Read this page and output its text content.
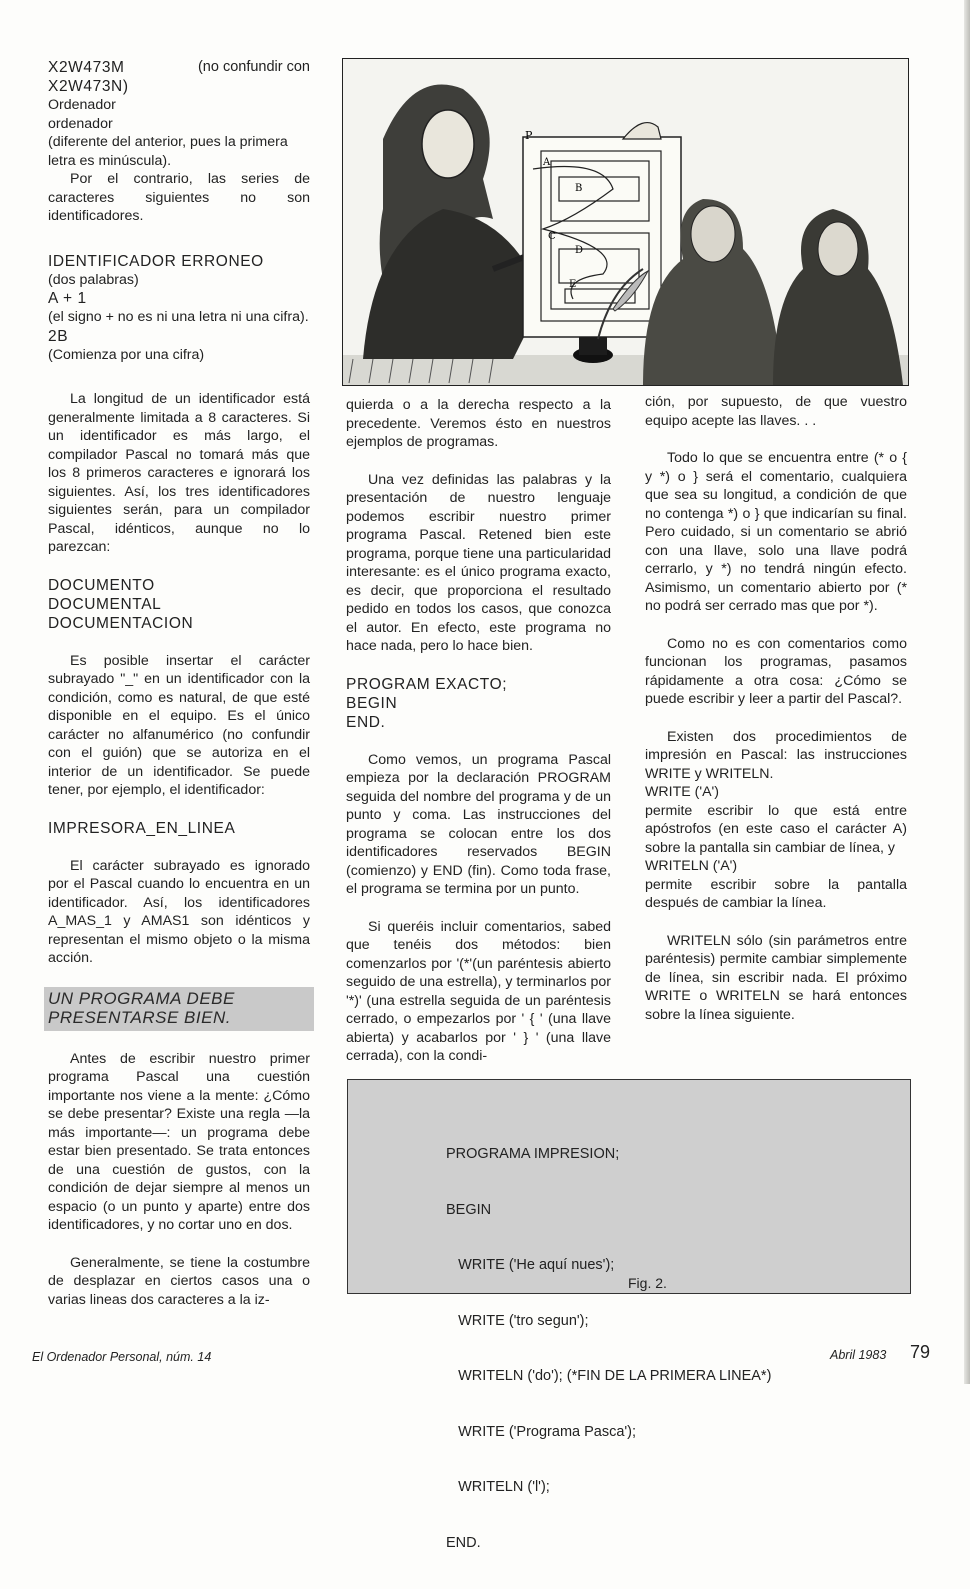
X2W473M	(no confundir con

X2W473N)

Ordenador

ordenador

(diferente del anterior, pues la primera letra es minúscula).

Por el contrario, las series de caracteres siguientes no son identificadores.

IDENTIFICADOR ERRONEO

(dos palabras)

A + 1

(el signo + no es ni una letra ni una cifra).

2B

(Comienza por una cifra)

La longitud de un identificador está generalmente limitada a 8 caracteres. Si un identificador es más largo, el compilador Pascal no tomará más que los 8 primeros caracteres e ignorará los siguientes. Así, los tres identificadores siguientes serán, para un compilador Pascal, idénticos, aunque no lo parezcan:

DOCUMENTO

DOCUMENTAL

DOCUMENTACION

Es posible insertar el carácter subrayado "_" en un identificador con la condición, como es natural, de que esté disponible en el equipo. Es el único carácter no alfanumérico (no confundir con el guión) que se autoriza en el interior de un identificador. Se puede tener, por ejemplo, el identificador:

IMPRESORA_EN_LINEA

El carácter subrayado es ignorado por el Pascal cuando lo encuentra en un identificador. Así, los identificadores A_MAS_1 y AMAS1 son idénticos y representan el mismo objeto o la misma acción.

UN PROGRAMA DEBE PRESENTARSE BIEN.

Antes de escribir nuestro primer programa Pascal una cuestión importante nos viene a la mente: ¿Cómo se debe presentar? Existe una regla —la más importante—: un programa debe estar bien presentado. Se trata entonces de una cuestión de gustos, con la condición de dejar siempre al menos un espacio (o un punto y aparte) entre dos identificadores, y no cortar uno en dos.

Generalmente, se tiene la costumbre de desplazar en ciertos casos una o varias lineas dos caracteres a la iz-

P
A
B
C
D
E

quierda o a la derecha respecto a la precedente. Veremos ésto en nuestros ejemplos de programas.

Una vez definidas las palabras y la presentación de nuestro lenguaje podemos escribir nuestro primer programa Pascal. Retened bien este programa, porque tiene una particularidad interesante: es el único programa exacto, es decir, que proporciona el resultado pedido en todos los casos, que conozca el autor. En efecto, este programa no hace nada, pero lo hace bien.

PROGRAM EXACTO;

BEGIN

END.

Como vemos, un programa Pascal empieza por la declaración PROGRAM seguida del nombre del programa y de un punto y coma. Las instrucciones del programa se colocan entre los dos identificadores reservados BEGIN (comienzo) y END (fin). Como toda frase, el programa se termina por un punto.

Si queréis incluir comentarios, sabed que tenéis dos métodos: bien comenzarlos por '(*'(un paréntesis abierto seguido de una estrella), y terminarlos por '*)' (una estrella seguida de un paréntesis cerrado, o empezarlos por ' { ' (una llave abierta) y acabarlos por ' } ' (una llave cerrada), con la condi-

ción, por supuesto, de que vuestro equipo acepte las llaves. . .

Todo lo que se encuentra entre (* o { y *) o } será el comentario, cualquiera que sea su longitud, a condición de que no contenga *) o } que indicarían su final. Pero cuidado, si un comentario se abrió con una llave, solo una llave podrá cerrarlo, y *) no tendrá ningún efecto. Asimismo, un comentario abierto por (* no podrá ser cerrado mas que por *).

Como no es con comentarios como funcionan los programas, pasamos rápidamente a otra cosa: ¿Cómo se puede escribir y leer a partir del Pascal?.

Existen dos procedimientos de impresión en Pascal: las instrucciones WRITE y WRITELN.

WRITE ('A')

permite escribir lo que está entre apóstrofos (en este caso el carácter A) sobre la pantalla sin cambiar de línea, y

WRITELN ('A')

permite escribir sobre la pantalla después de cambiar la línea.

WRITELN sólo (sin parámetros entre paréntesis) permite cambiar simplemente de línea, sin escribir nada. El próximo WRITE o WRITELN se hará entonces sobre la línea siguiente.

PROGRAMA IMPRESION;

BEGIN

WRITE ('He aquí nues');

WRITE ('tro segun');

WRITELN ('do'); (*FIN DE LA PRIMERA LINEA*)

WRITE ('Programa Pasca');

WRITELN ('l');

END.

Fig. 2.
El Ordenador Personal, núm. 14	Abril 1983 79
